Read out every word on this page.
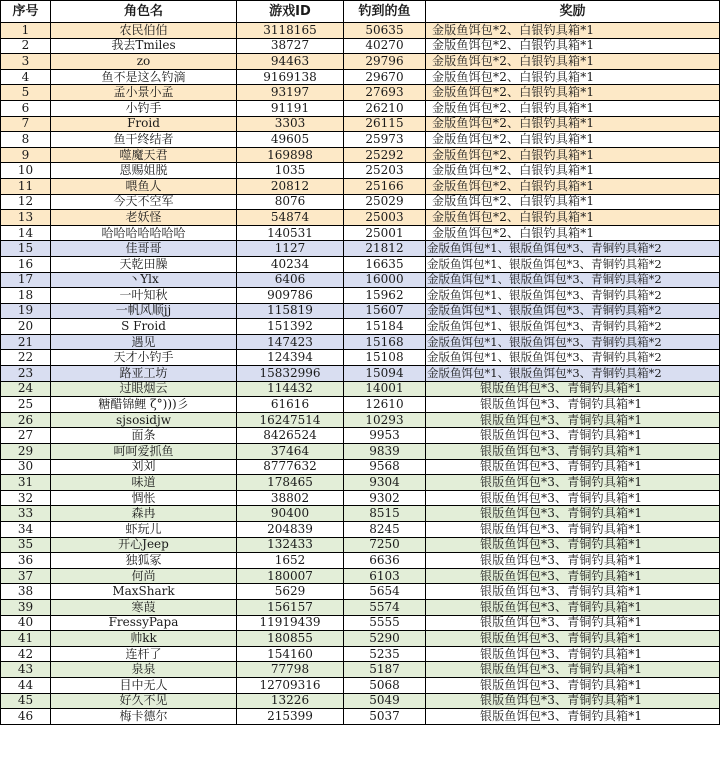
序号	角色名	游戏ID	钓到的鱼	奖励
1	农民伯伯	3118165	50635	金版鱼饵包*2、白银钓具箱*1
2	我去Tmiles	38727	40270	金版鱼饵包*2、白银钓具箱*1
3	zo	94463	29796	金版鱼饵包*2、白银钓具箱*1
4	鱼不是这么钓滴	9169138	29670	金版鱼饵包*2、白银钓具箱*1
5	孟小景小孟	93197	27693	金版鱼饵包*2、白银钓具箱*1
6	小钓手	91191	26210	金版鱼饵包*2、白银钓具箱*1
7	Froid	3303	26115	金版鱼饵包*2、白银钓具箱*1
8	鱼干终结者	49605	25973	金版鱼饵包*2、白银钓具箱*1
9	噬魔天君	169898	25292	金版鱼饵包*2、白银钓具箱*1
10	恩赐姐脱	1035	25203	金版鱼饵包*2、白银钓具箱*1
11	喂鱼人	20812	25166	金版鱼饵包*2、白银钓具箱*1
12	今天不空军	8076	25029	金版鱼饵包*2、白银钓具箱*1
13	老妖怪	54874	25003	金版鱼饵包*2、白银钓具箱*1
14	哈哈哈哈哈哈哈	140531	25001	金版鱼饵包*2、白银钓具箱*1
15	佳哥哥	1127	21812	金版鱼饵包*1、银版鱼饵包*3、青铜钓具箱*2
16	天乾田臊	40234	16635	金版鱼饵包*1、银版鱼饵包*3、青铜钓具箱*2
17	丶Ylx	6406	16000	金版鱼饵包*1、银版鱼饵包*3、青铜钓具箱*2
18	一叶知秋	909786	15962	金版鱼饵包*1、银版鱼饵包*3、青铜钓具箱*2
19	一帆风顺jj	115819	15607	金版鱼饵包*1、银版鱼饵包*3、青铜钓具箱*2
20	S Froid	151392	15184	金版鱼饵包*1、银版鱼饵包*3、青铜钓具箱*2
21	遇见	147423	15168	金版鱼饵包*1、银版鱼饵包*3、青铜钓具箱*2
22	天才小钓手	124394	15108	金版鱼饵包*1、银版鱼饵包*3、青铜钓具箱*2
23	路亚工坊	15832996	15094	金版鱼饵包*1、银版鱼饵包*3、青铜钓具箱*2
24	过眼烟云	114432	14001	银版鱼饵包*3、青铜钓具箱*1
25	糖醋锦鲤 ζ°)))彡	61616	12610	银版鱼饵包*3、青铜钓具箱*1
26	sjsosidjw	16247514	10293	银版鱼饵包*3、青铜钓具箱*1
27	面条	8426524	9953	银版鱼饵包*3、青铜钓具箱*1
29	呵呵爱抓鱼	37464	9839	银版鱼饵包*3、青铜钓具箱*1
30	刘刘	8777632	9568	银版鱼饵包*3、青铜钓具箱*1
31	味道	178465	9304	银版鱼饵包*3、青铜钓具箱*1
32	惆怅	38802	9302	银版鱼饵包*3、青铜钓具箱*1
33	森冉	90400	8515	银版鱼饵包*3、青铜钓具箱*1
34	虾玩儿	204839	8245	银版鱼饵包*3、青铜钓具箱*1
35	开心Jeep	132433	7250	银版鱼饵包*3、青铜钓具箱*1
36	独狐冢	1652	6636	银版鱼饵包*3、青铜钓具箱*1
37	何尚	180007	6103	银版鱼饵包*3、青铜钓具箱*1
38	MaxShark	5629	5654	银版鱼饵包*3、青铜钓具箱*1
39	寒葭	156157	5574	银版鱼饵包*3、青铜钓具箱*1
40	FressyPapa	11919439	5555	银版鱼饵包*3、青铜钓具箱*1
41	帅kk	180855	5290	银版鱼饵包*3、青铜钓具箱*1
42	连杆了	154160	5235	银版鱼饵包*3、青铜钓具箱*1
43	泉泉	77798	5187	银版鱼饵包*3、青铜钓具箱*1
44	目中无人	12709316	5068	银版鱼饵包*3、青铜钓具箱*1
45	好久不见	13226	5049	银版鱼饵包*3、青铜钓具箱*1
46	梅卡德尔	215399	5037	银版鱼饵包*3、青铜钓具箱*1
